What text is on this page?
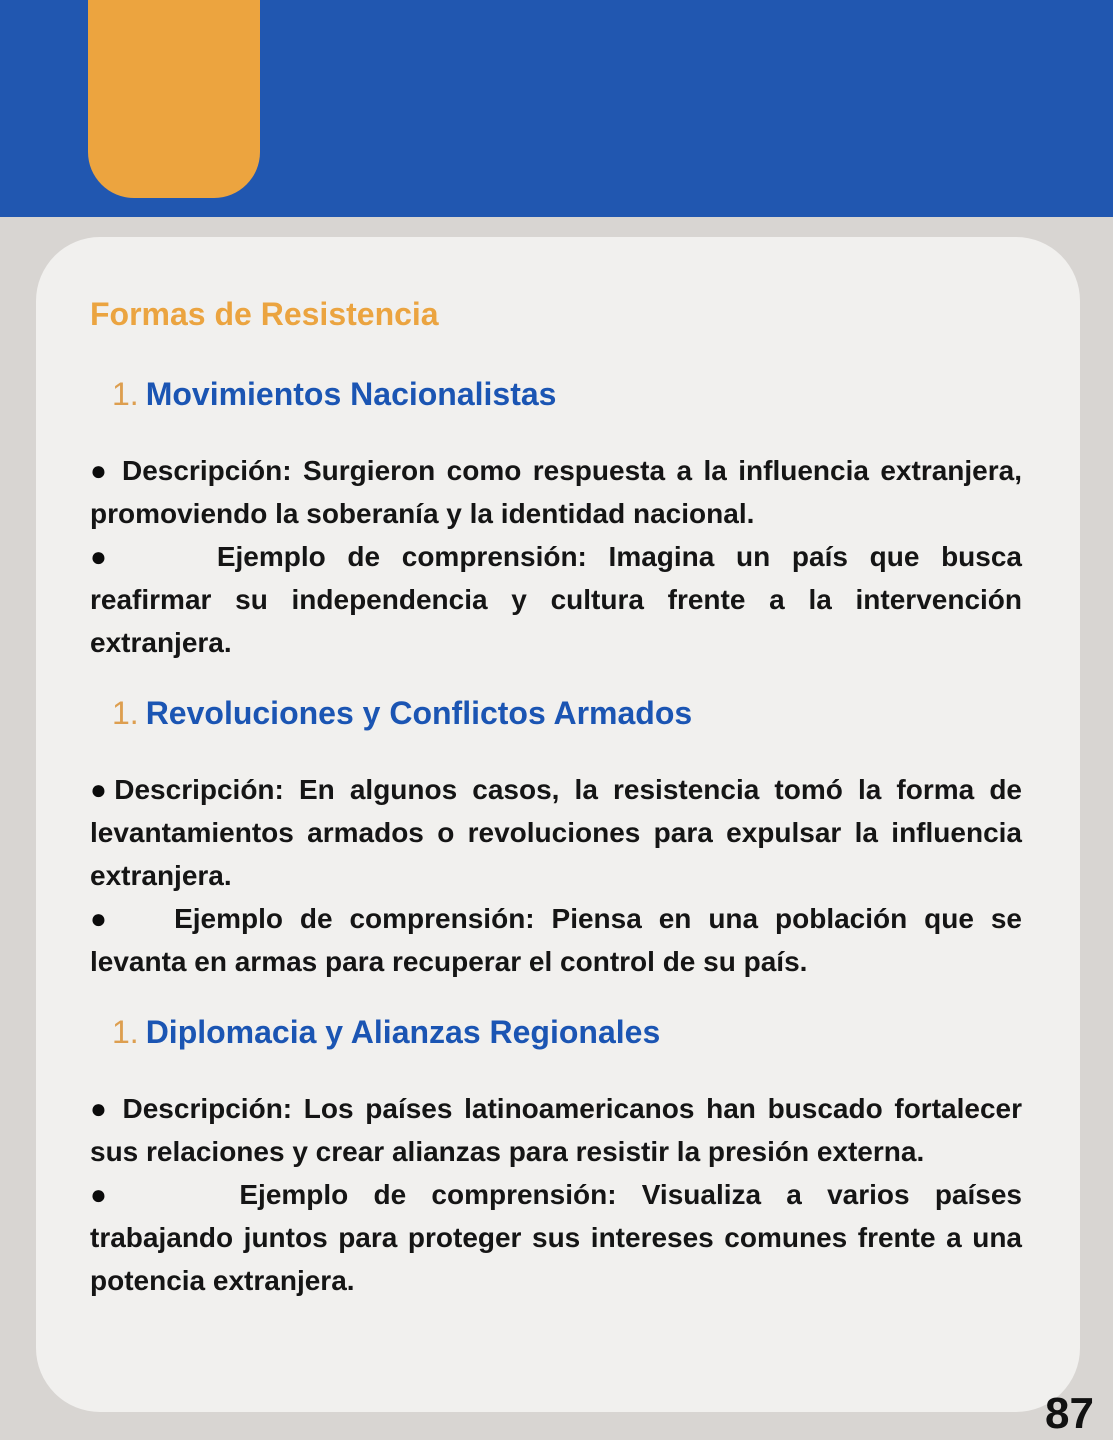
Formas de Resistencia
1. Movimientos Nacionalistas

● Descripción: Surgieron como respuesta a la influencia extranjera, promoviendo la soberanía y la identidad nacional.

●	Ejemplo de comprensión: Imagina un país que busca reafirmar su independencia y cultura frente a la intervención extranjera.

1. Revoluciones y Conflictos Armados

●Descripción: En algunos casos, la resistencia tomó la forma de levantamientos armados o revoluciones para expulsar la influencia extranjera.

● Ejemplo de comprensión: Piensa en una población que se levanta en armas para recuperar el control de su país.

1. Diplomacia y Alianzas Regionales

● Descripción: Los países latinoamericanos han buscado fortalecer sus relaciones y crear alianzas para resistir la presión externa.

●	Ejemplo de comprensión: Visualiza a varios países trabajando juntos para proteger sus intereses comunes frente a una potencia extranjera.

87
